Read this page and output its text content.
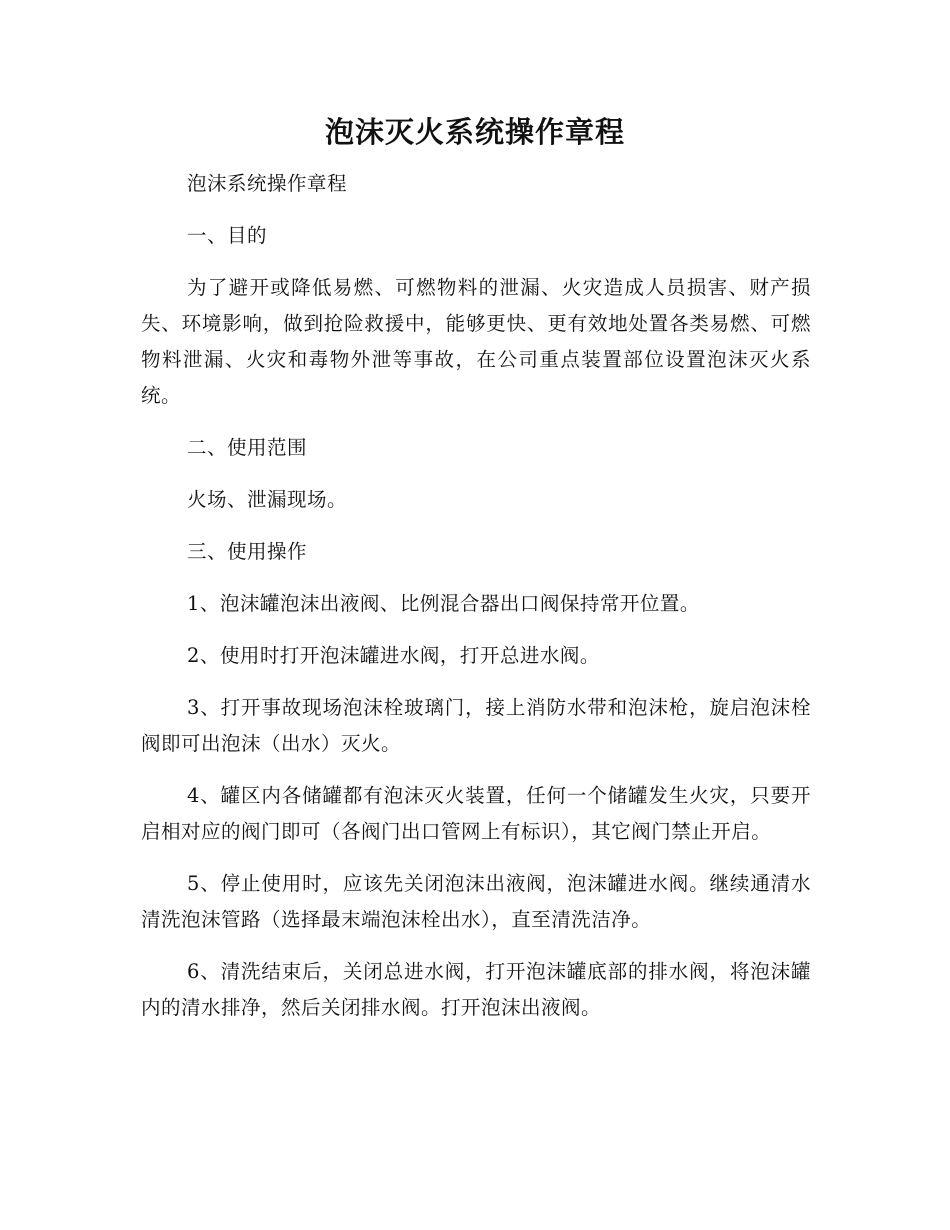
泡沫灭火系统操作章程

泡沫系统操作章程

一、目的

为了避开或降低易燃、可燃物料的泄漏、火灾造成人员损害、财产损失、环境影响，做到抢险救援中，能够更快、更有效地处置各类易燃、可燃物料泄漏、火灾和毒物外泄等事故，在公司重点装置部位设置泡沫灭火系统。

二、使用范围

火场、泄漏现场。

三、使用操作

1、泡沫罐泡沫出液阀、比例混合器出口阀保持常开位置。

2、使用时打开泡沫罐进水阀，打开总进水阀。

3、打开事故现场泡沫栓玻璃门，接上消防水带和泡沫枪，旋启泡沫栓阀即可出泡沫（出水）灭火。

4、罐区内各储罐都有泡沫灭火装置，任何一个储罐发生火灾，只要开启相对应的阀门即可（各阀门出口管网上有标识），其它阀门禁止开启。

5、停止使用时，应该先关闭泡沫出液阀，泡沫罐进水阀。继续通清水清洗泡沫管路（选择最末端泡沫栓出水），直至清洗洁净。

6、清洗结束后，关闭总进水阀，打开泡沫罐底部的排水阀，将泡沫罐内的清水排净，然后关闭排水阀。打开泡沫出液阀。
